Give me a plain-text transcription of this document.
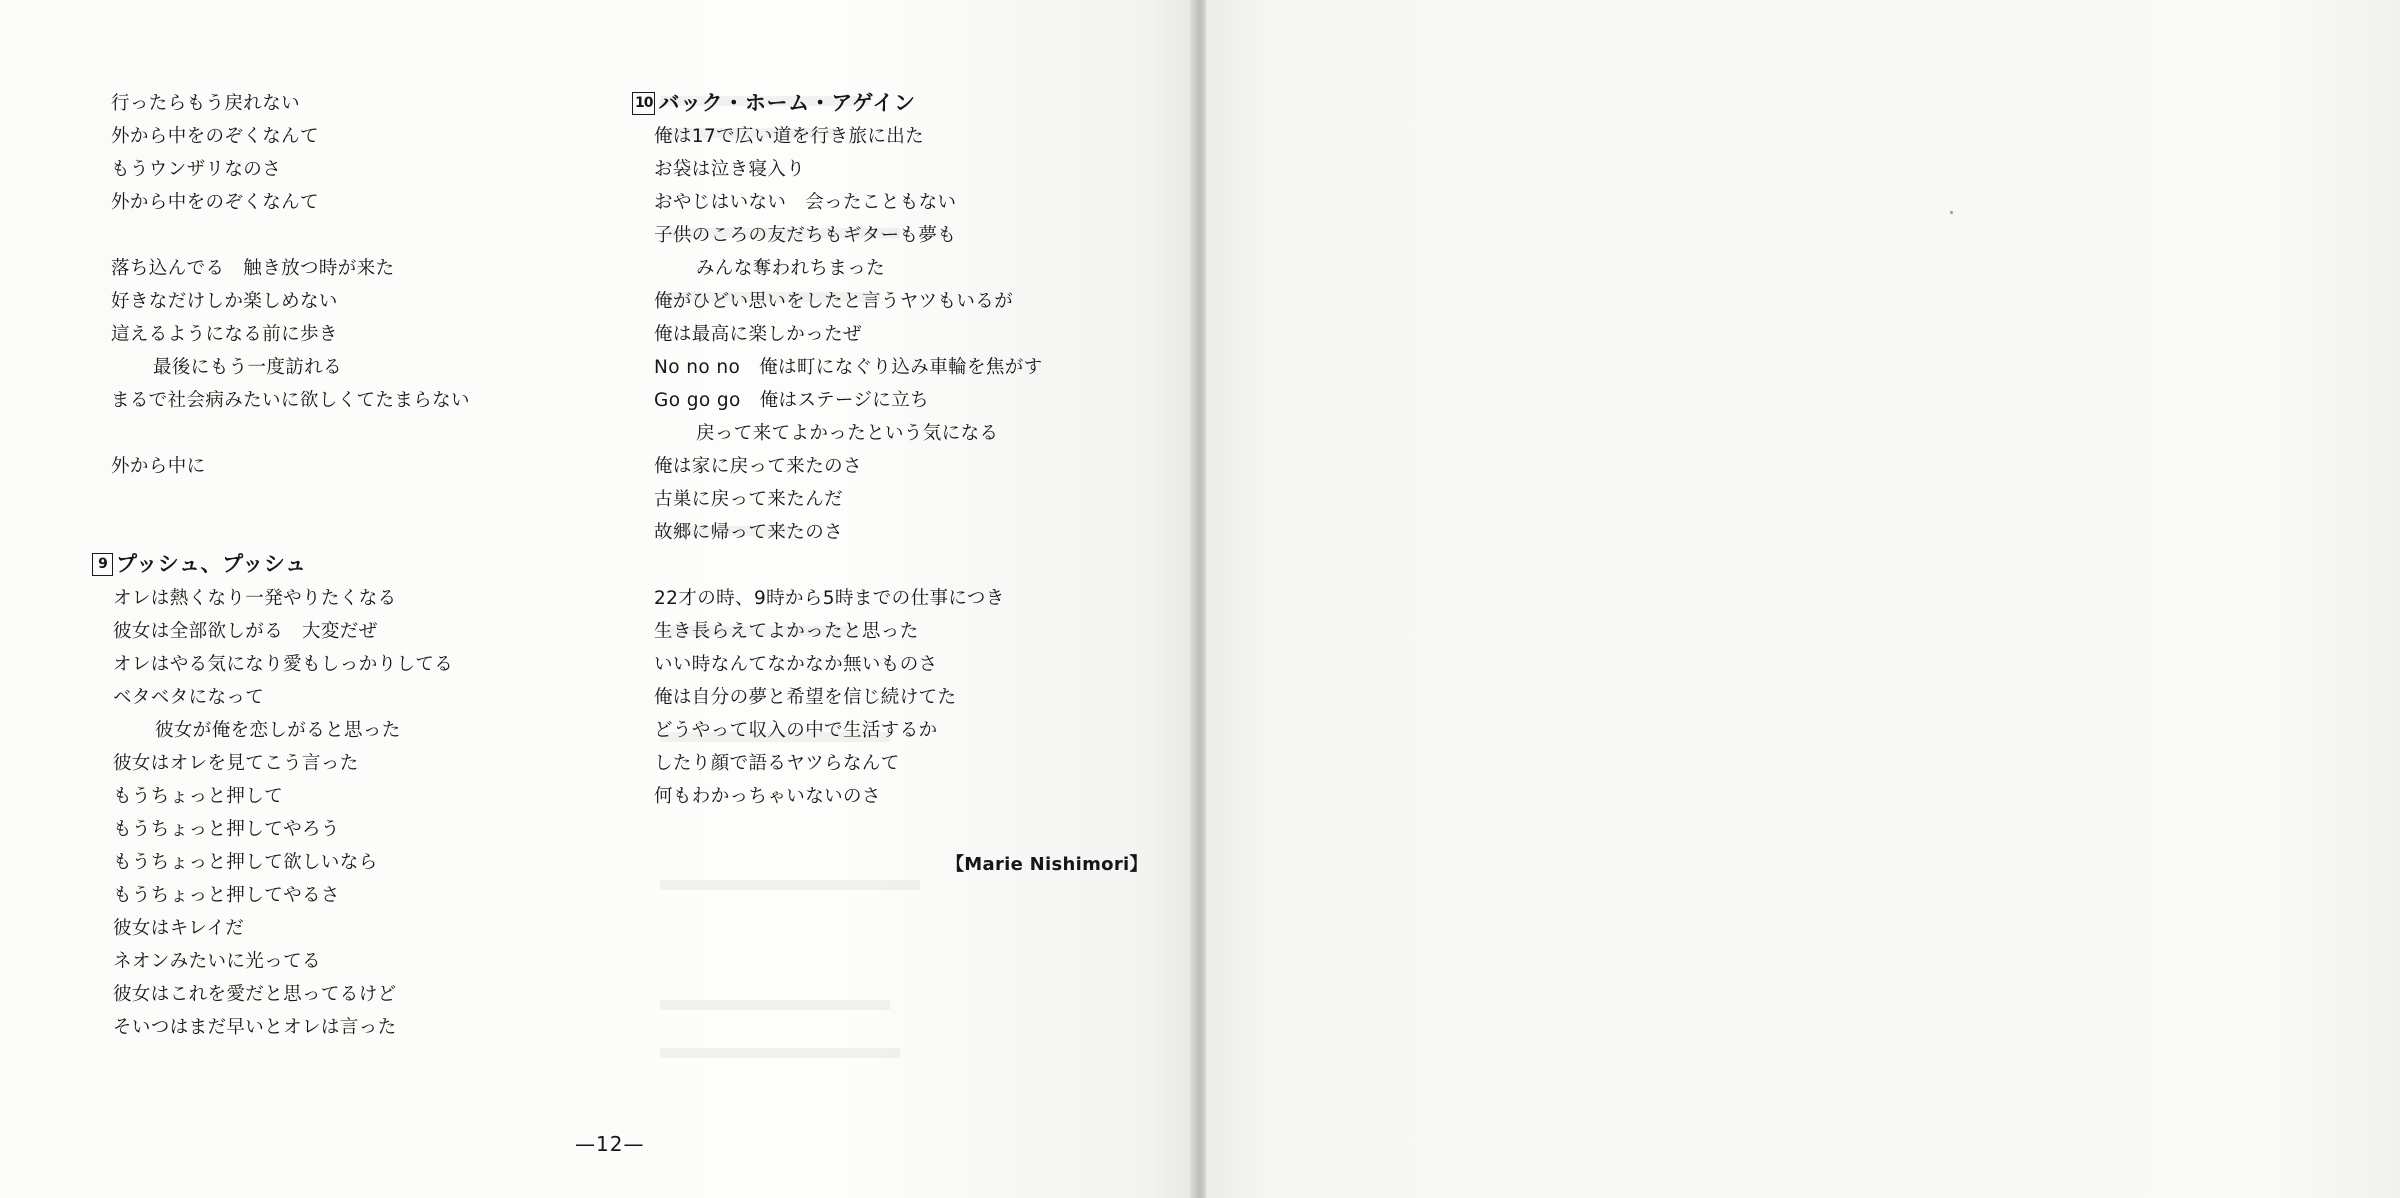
行ったらもう戻れない
外から中をのぞくなんて
もうウンザリなのさ
外から中をのぞくなんて
落ち込んでる　触き放つ時が来た
好きなだけしか楽しめない
這えるようになる前に歩き
最後にもう一度訪れる
まるで社会病みたいに欲しくてたまらない
外から中に
9 プッシュ、プッシュ
オレは熱くなり一発やりたくなる
彼女は全部欲しがる　大変だぜ
オレはやる気になり愛もしっかりしてる
ベタベタになって
彼女が俺を恋しがると思った
彼女はオレを見てこう言った
もうちょっと押して
もうちょっと押してやろう
もうちょっと押して欲しいなら
もうちょっと押してやるさ
彼女はキレイだ
ネオンみたいに光ってる
彼女はこれを愛だと思ってるけど
そいつはまだ早いとオレは言った
10 バック・ホーム・アゲイン
俺は17で広い道を行き旅に出た
お袋は泣き寝入り
おやじはいない　会ったこともない
子供のころの友だちもギターも夢も
みんな奪われちまった
俺がひどい思いをしたと言うヤツもいるが
俺は最高に楽しかったぜ
No no no　俺は町になぐり込み車輪を焦がす
Go go go　俺はステージに立ち
戻って来てよかったという気になる
俺は家に戻って来たのさ
古巣に戻って来たんだ
故郷に帰って来たのさ
22才の時、9時から5時までの仕事につき
生き長らえてよかったと思った
いい時なんてなかなか無いものさ
俺は自分の夢と希望を信じ続けてた
どうやって収入の中で生活するか
したり顔で語るヤツらなんて
何もわかっちゃいないのさ
【Marie Nishimori】
—12—
